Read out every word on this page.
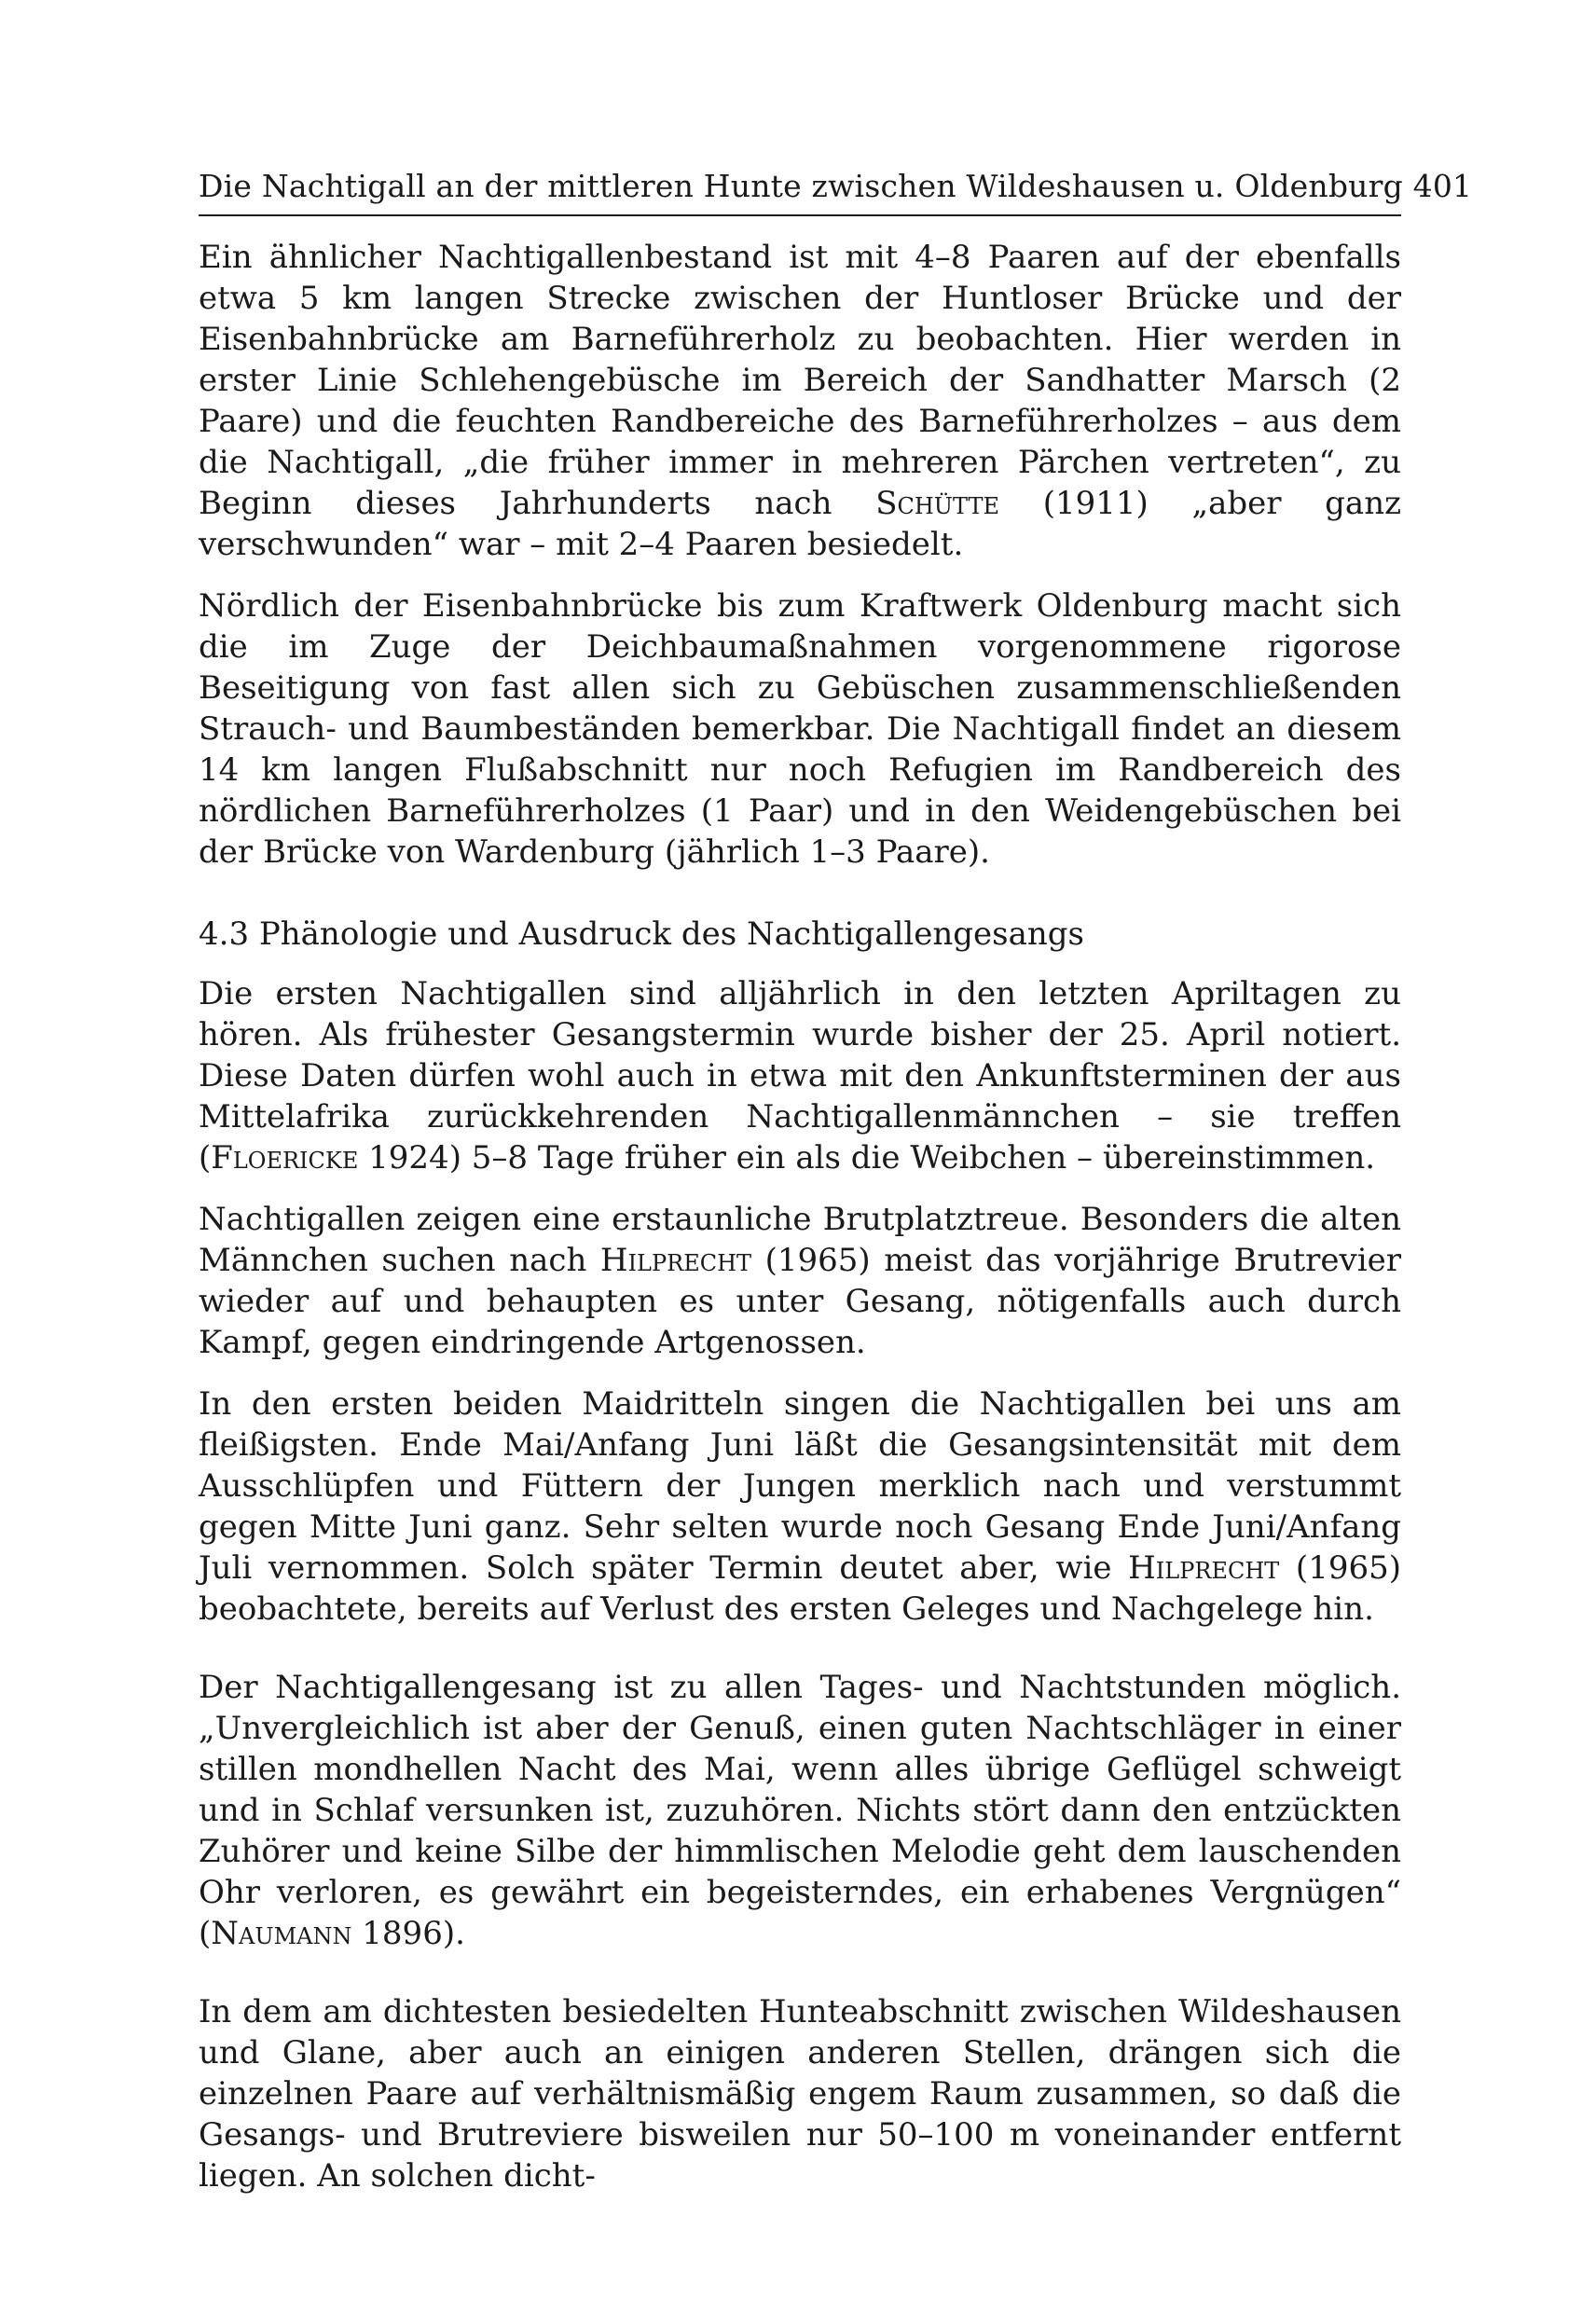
Die Nachtigall an der mittleren Hunte zwischen Wildeshausen u. Oldenburg 401

Ein ähnlicher Nachtigallenbestand ist mit 4–8 Paaren auf der ebenfalls etwa 5 km langen Strecke zwischen der Huntloser Brücke und der Eisenbahnbrücke am Barneführerholz zu beobachten. Hier werden in erster Linie Schlehengebüsche im Bereich der Sandhatter Marsch (2 Paare) und die feuchten Randbereiche des Barneführerholzes – aus dem die Nachtigall, „die früher immer in mehreren Pärchen vertreten“, zu Beginn dieses Jahrhunderts nach Schütte (1911) „aber ganz verschwunden“ war – mit 2–4 Paaren besiedelt.

Nördlich der Eisenbahnbrücke bis zum Kraftwerk Oldenburg macht sich die im Zuge der Deichbaumaßnahmen vorgenommene rigorose Beseitigung von fast allen sich zu Gebüschen zusammenschließenden Strauch- und Baumbeständen bemerkbar. Die Nachtigall findet an diesem 14 km langen Flußabschnitt nur noch Refugien im Randbereich des nördlichen Barneführerholzes (1 Paar) und in den Weidengebüschen bei der Brücke von Wardenburg (jährlich 1–3 Paare).

4.3 Phänologie und Ausdruck des Nachtigallengesangs

Die ersten Nachtigallen sind alljährlich in den letzten Apriltagen zu hören. Als frühester Gesangstermin wurde bisher der 25. April notiert. Diese Daten dürfen wohl auch in etwa mit den Ankunftsterminen der aus Mittelafrika zurückkehrenden Nachtigallenmännchen – sie treffen (Floericke 1924) 5–8 Tage früher ein als die Weibchen – übereinstimmen.

Nachtigallen zeigen eine erstaunliche Brutplatztreue. Besonders die alten Männchen suchen nach Hilprecht (1965) meist das vorjährige Brutrevier wieder auf und behaupten es unter Gesang, nötigenfalls auch durch Kampf, gegen eindringende Artgenossen.

In den ersten beiden Maidritteln singen die Nachtigallen bei uns am fleißigsten. Ende Mai/Anfang Juni läßt die Gesangsintensität mit dem Ausschlüpfen und Füttern der Jungen merklich nach und verstummt gegen Mitte Juni ganz. Sehr selten wurde noch Gesang Ende Juni/Anfang Juli vernommen. Solch später Termin deutet aber, wie Hilprecht (1965) beobachtete, bereits auf Verlust des ersten Geleges und Nachgelege hin.

Der Nachtigallengesang ist zu allen Tages- und Nachtstunden möglich. „Unvergleichlich ist aber der Genuß, einen guten Nachtschläger in einer stillen mondhellen Nacht des Mai, wenn alles übrige Geflügel schweigt und in Schlaf versunken ist, zuzuhören. Nichts stört dann den entzückten Zuhörer und keine Silbe der himmlischen Melodie geht dem lauschenden Ohr verloren, es gewährt ein begeisterndes, ein erhabenes Vergnügen“ (Naumann 1896).

In dem am dichtesten besiedelten Hunteabschnitt zwischen Wildeshausen und Glane, aber auch an einigen anderen Stellen, drängen sich die einzelnen Paare auf verhältnismäßig engem Raum zusammen, so daß die Gesangs- und Brutreviere bisweilen nur 50–100 m voneinander entfernt liegen. An solchen dicht-
